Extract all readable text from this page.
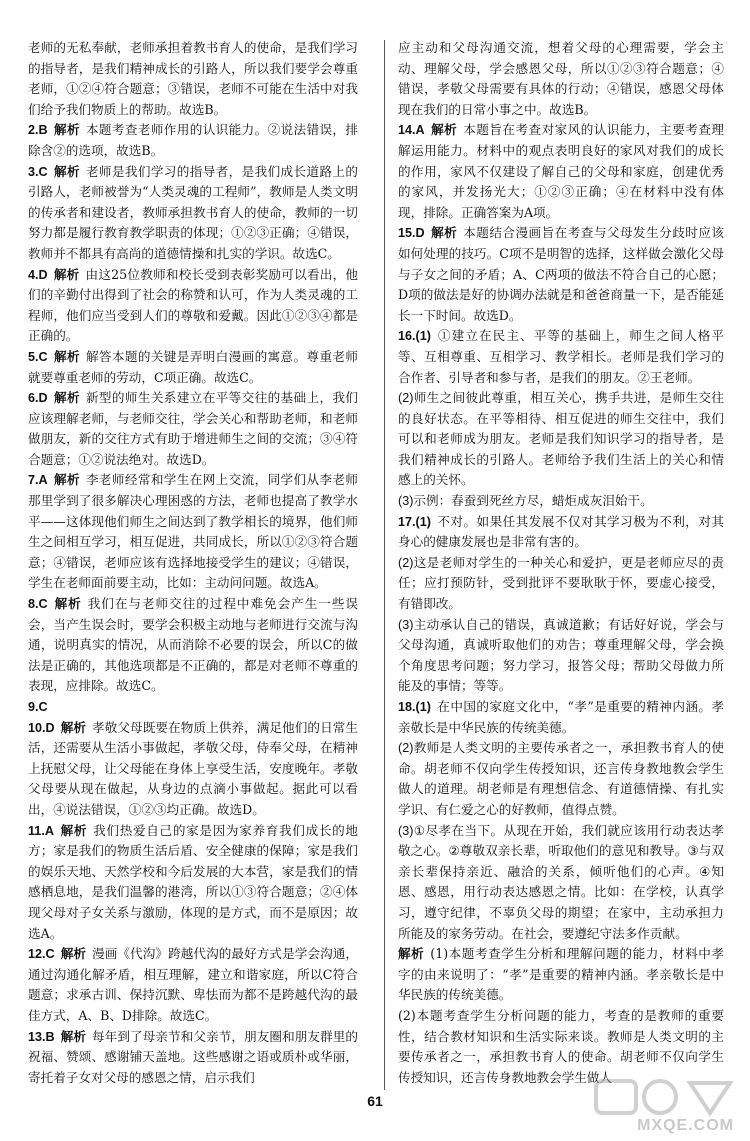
老师的无私奉献，老师承担着教书育人的使命，是我们学习的指导者，是我们精神成长的引路人，所以我们要学会尊重老师，①②④符合题意；③错误，老师不可能在生活中对我们给予我们物质上的帮助。故选B。

2.B 解析 本题考查老师作用的认识能力。②说法错误，排除含②的选项，故选B。

3.C 解析 老师是我们学习的指导者，是我们成长道路上的引路人，老师被誉为“人类灵魂的工程师”，教师是人类文明的传承者和建设者，教师承担教书育人的使命，教师的一切努力都是履行教育教学职责的体现；①②③正确；④错误，教师并不都具有高尚的道德情操和扎实的学识。故选C。

4.D 解析 由这25位教师和校长受到表彰奖励可以看出，他们的辛勤付出得到了社会的称赞和认可，作为人类灵魂的工程师，他们应当受到人们的尊敬和爱戴。因此①②③④都是正确的。

5.C 解析 解答本题的关键是弄明白漫画的寓意。尊重老师就要尊重老师的劳动，C项正确。故选C。

6.D 解析 新型的师生关系建立在平等交往的基础上，我们应该理解老师，与老师交往，学会关心和帮助老师，和老师做朋友，新的交往方式有助于增进师生之间的交流；③④符合题意；①②说法绝对。故选D。

7.A 解析 李老师经常和学生在网上交流，同学们从李老师那里学到了很多解决心理困惑的方法，老师也提高了教学水平——这体现他们师生之间达到了教学相长的境界，他们师生之间相互学习，相互促进，共同成长，所以①②③符合题意；④错误，老师应该有选择地接受学生的建议；④错误，学生在老师面前要主动，比如：主动问问题。故选A。

8.C 解析 我们在与老师交往的过程中难免会产生一些误会，当产生误会时，要学会积极主动地与老师进行交流与沟通，说明真实的情况，从而消除不必要的误会，所以C的做法是正确的，其他选项都是不正确的，都是对老师不尊重的表现，应排除。故选C。

9.C

10.D 解析 孝敬父母既要在物质上供养，满足他们的日常生活，还需要从生活小事做起，孝敬父母，侍奉父母，在精神上抚慰父母，让父母能在身体上享受生活，安度晚年。孝敬父母要从现在做起，从身边的点滴小事做起。据此可以看出，④说法错误，①②③均正确。故选D。

11.A 解析 我们热爱自己的家是因为家养育我们成长的地方；家是我们的物质生活后盾、安全健康的保障；家是我们的娱乐天地、天然学校和今后发展的大本营，家是我们的情感栖息地，是我们温馨的港湾，所以①③符合题意；②④体现父母对子女关系与激励，体现的是方式，而不是原因；故选A。

12.C 解析 漫画《代沟》跨越代沟的最好方式是学会沟通，通过沟通化解矛盾，相互理解，建立和谐家庭，所以C符合题意；求承古训、保持沉默、卑怯而为都不是跨越代沟的最佳方式，A、B、D排除。故选C。

13.B 解析 每年到了母亲节和父亲节，朋友圈和朋友群里的祝福、赞颂、感谢铺天盖地。这些感谢之语或质朴或华丽，寄托着子女对父母的感恩之情，启示我们

应主动和父母沟通交流，想着父母的心理需要，学会主动、理解父母，学会感恩父母，所以①②③符合题意；④错误，孝敬父母需要有具体的行动；④错误，感恩父母体现在我们的日常小事之中。故选B。

14.A 解析 本题旨在考查对家风的认识能力，主要考查理解运用能力。材料中的观点表明良好的家风对我们的成长的作用，家风不仅建设了解自己的父母和家庭，创建优秀的家风，并发扬光大；①②③正确；④在材料中没有体现，排除。正确答案为A项。

15.D 解析 本题结合漫画旨在考查与父母发生分歧时应该如何处理的技巧。C项不是明智的选择，这样做会激化父母与子女之间的矛盾；A、C两项的做法不符合自己的心愿；D项的做法是好的协调办法就是和爸爸商量一下，是否能延长一下时间。故选D。

16.(1) ①建立在民主、平等的基础上，师生之间人格平等、互相尊重、互相学习、教学相长。老师是我们学习的合作者、引导者和参与者，是我们的朋友。②王老师。

(2)师生之间彼此尊重，相互关心，携手共进，是师生交往的良好状态。在平等相待、相互促进的师生交往中，我们可以和老师成为朋友。老师是我们知识学习的指导者，是我们精神成长的引路人。老师给予我们生活上的关心和情感上的关怀。

(3)示例：春蚕到死丝方尽，蜡炬成灰泪始干。

17.(1) 不对。如果任其发展不仅对其学习极为不利，对其身心的健康发展也是非常有害的。

(2)这是老师对学生的一种关心和爱护，更是老师应尽的责任；应打预防针，受到批评不要耿耿于怀，要虚心接受，有错即改。

(3)主动承认自己的错误，真诚道歉；有话好好说，学会与父母沟通，真诚听取他们的劝告；尊重理解父母，学会换个角度思考问题；努力学习，报答父母；帮助父母做力所能及的事情；等等。

18.(1) 在中国的家庭文化中，“孝”是重要的精神内涵。孝亲敬长是中华民族的传统美德。

(2)教师是人类文明的主要传承者之一，承担教书育人的使命。胡老师不仅向学生传授知识，还言传身教地教会学生做人的道理。胡老师是有理想信念、有道德情操、有扎实学识、有仁爱之心的好教师，值得点赞。

(3)①尽孝在当下。从现在开始，我们就应该用行动表达孝敬之心。②尊敬双亲长辈，听取他们的意见和教导。③与双亲长辈保持亲近、融洽的关系，倾听他们的心声。④知恩、感恩，用行动表达感恩之情。比如：在学校，认真学习，遵守纪律，不辜负父母的期望；在家中，主动承担力所能及的家务劳动。在社会，要遵纪守法多作贡献。

解析 (1)本题考查学生分析和理解问题的能力，材料中孝字的由来说明了：“孝”是重要的精神内涵。孝亲敬长是中华民族的传统美德。

(2)本题考查学生分析问题的能力，考查的是教师的重要性，结合教材知识和生活实际来谈。教师是人类文明的主要传承者之一，承担教书育人的使命。胡老师不仅向学生传授知识，还言传身教地教会学生做人

61
MXQE.COM
